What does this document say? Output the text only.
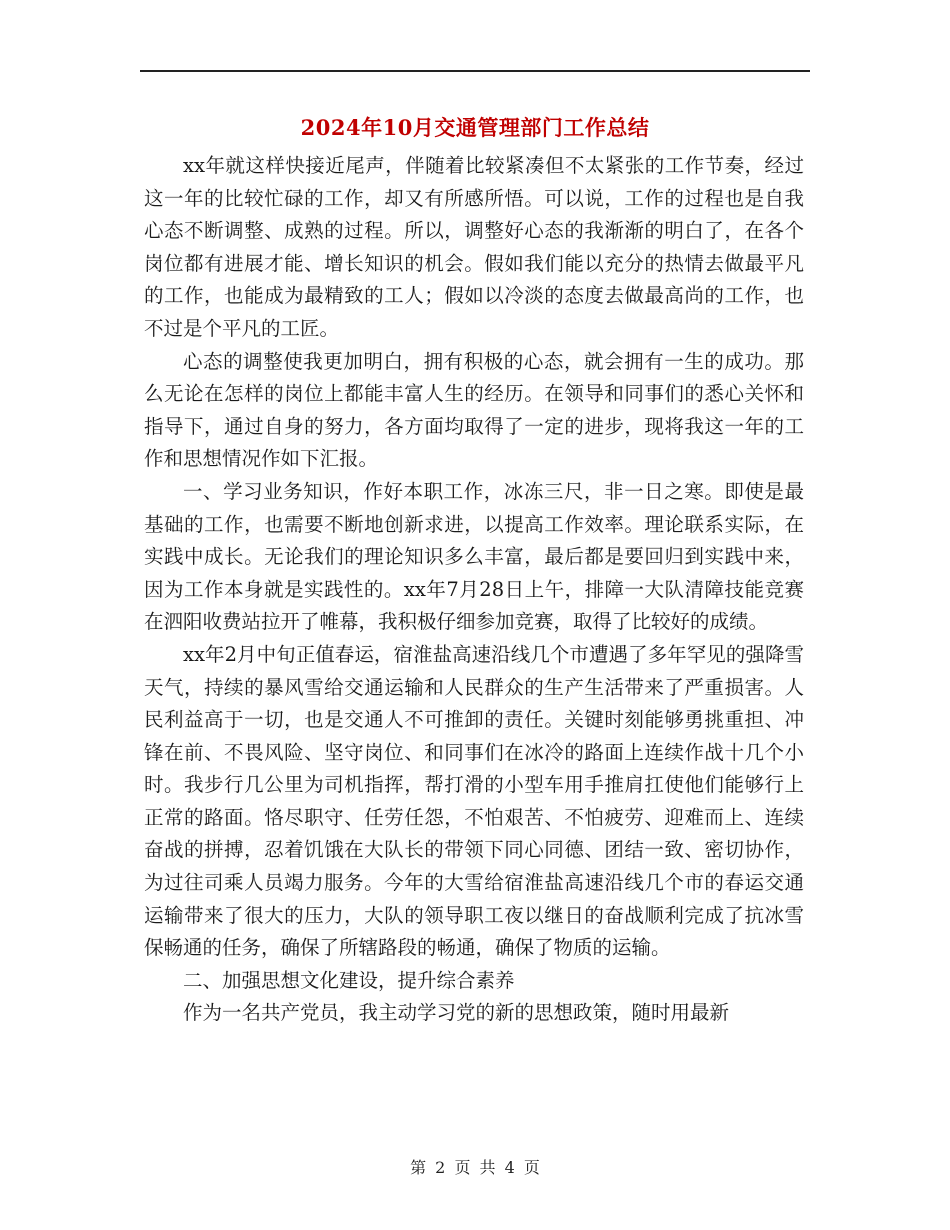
2024年10月交通管理部门工作总结

xx年就这样快接近尾声，伴随着比较紧凑但不太紧张的工作节奏，经过这一年的比较忙碌的工作，却又有所感所悟。可以说，工作的过程也是自我心态不断调整、成熟的过程。所以，调整好心态的我渐渐的明白了，在各个岗位都有进展才能、增长知识的机会。假如我们能以充分的热情去做最平凡的工作，也能成为最精致的工人；假如以冷淡的态度去做最高尚的工作，也不过是个平凡的工匠。

心态的调整使我更加明白，拥有积极的心态，就会拥有一生的成功。那么无论在怎样的岗位上都能丰富人生的经历。在领导和同事们的悉心关怀和指导下，通过自身的努力，各方面均取得了一定的进步，现将我这一年的工作和思想情况作如下汇报。

一、学习业务知识，作好本职工作，冰冻三尺，非一日之寒。即使是最基础的工作，也需要不断地创新求进，以提高工作效率。理论联系实际，在实践中成长。无论我们的理论知识多么丰富，最后都是要回归到实践中来，因为工作本身就是实践性的。xx年7月28日上午，排障一大队清障技能竞赛在泗阳收费站拉开了帷幕，我积极仔细参加竞赛，取得了比较好的成绩。

xx年2月中旬正值春运，宿淮盐高速沿线几个市遭遇了多年罕见的强降雪天气，持续的暴风雪给交通运输和人民群众的生产生活带来了严重损害。人民利益高于一切，也是交通人不可推卸的责任。关键时刻能够勇挑重担、冲锋在前、不畏风险、坚守岗位、和同事们在冰冷的路面上连续作战十几个小时。我步行几公里为司机指挥，帮打滑的小型车用手推肩扛使他们能够行上正常的路面。恪尽职守、任劳任怨，不怕艰苦、不怕疲劳、迎难而上、连续奋战的拼搏，忍着饥饿在大队长的带领下同心同德、团结一致、密切协作，为过往司乘人员竭力服务。今年的大雪给宿淮盐高速沿线几个市的春运交通运输带来了很大的压力，大队的领导职工夜以继日的奋战顺利完成了抗冰雪保畅通的任务，确保了所辖路段的畅通，确保了物质的运输。

二、加强思想文化建设，提升综合素养

作为一名共产党员，我主动学习党的新的思想政策，随时用最新

第 2 页 共 4 页
